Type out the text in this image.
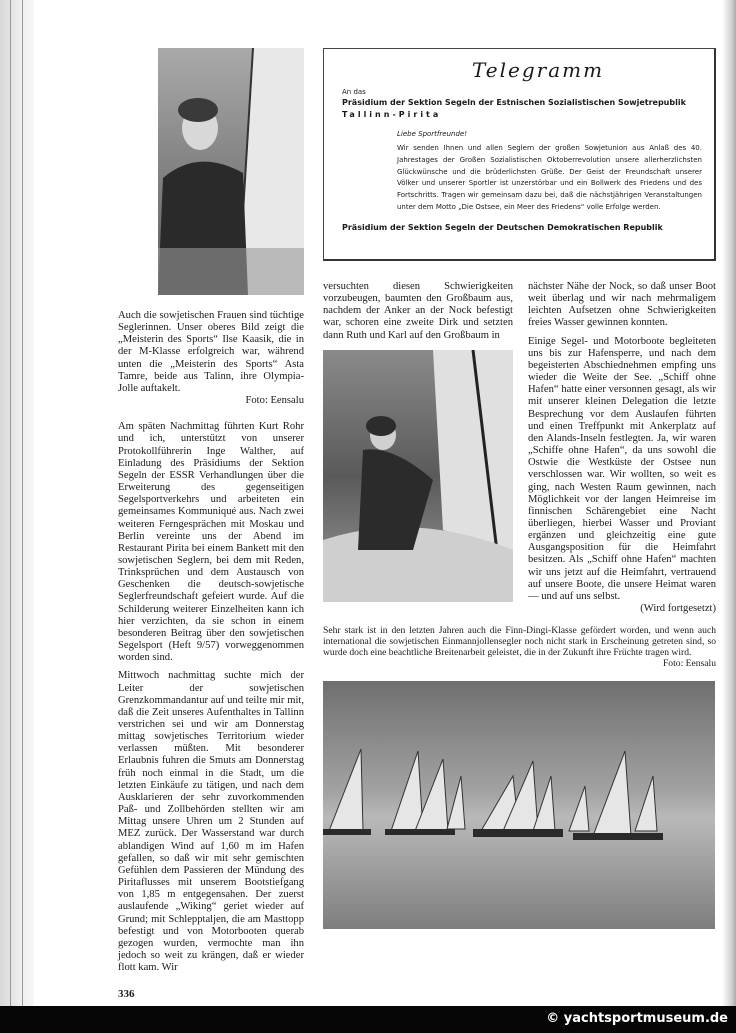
Auch die sowjetischen Frauen sind tüchtige Seglerinnen. Unser oberes Bild zeigt die „Meisterin des Sports“ Ilse Kaasik, die in der M-Klasse erfolgreich war, während unten die „Meisterin des Sports“ Asta Tamre, beide aus Talinn, ihre Olympia-Jolle auftakelt.
Foto: Eensalu

Am späten Nachmittag führten Kurt Rohr und ich, unterstützt von unserer Protokollführerin Inge Walther, auf Einladung des Präsidiums der Sektion Segeln der ESSR Verhandlungen über die Erweiterung des gegenseitigen Segelsportverkehrs und arbeiteten ein gemeinsames Kommuniqué aus. Nach zwei weiteren Ferngesprächen mit Moskau und Berlin vereinte uns der Abend im Restaurant Pirita bei einem Bankett mit den sowjetischen Seglern, bei dem mit Reden, Trinksprüchen und dem Austausch von Geschenken die deutsch-sowjetische Seglerfreundschaft gefeiert wurde. Auf die Schilderung weiterer Einzelheiten kann ich hier verzichten, da sie schon in einem besonderen Beitrag über den sowjetischen Segelsport (Heft 9/57) vorweggenommen worden sind.

Mittwoch nachmittag suchte mich der Leiter der sowjetischen Grenzkommandantur auf und teilte mir mit, daß die Zeit unseres Aufenthaltes in Tallinn verstrichen sei und wir am Donnerstag mittag sowjetisches Territorium wieder verlassen müßten. Mit besonderer Erlaubnis fuhren die Smuts am Donnerstag früh noch einmal in die Stadt, um die letzten Einkäufe zu tätigen, und nach dem Ausklarieren der sehr zuvorkommenden Paß- und Zollbehörden stellten wir am Mittag unsere Uhren um 2 Stunden auf MEZ zurück. Der Wasserstand war durch ablandigen Wind auf 1,60 m im Hafen gefallen, so daß wir mit sehr gemischten Gefühlen dem Passieren der Mündung des Piritaflusses mit unserem Bootstiefgang von 1,85 m entgegensahen. Der zuerst auslaufende „Wiking“ geriet wieder auf Grund; mit Schlepptaljen, die am Masttopp befestigt und von Motorbooten querab gezogen wurden, vermochte man ihn jedoch so weit zu krängen, daß er wieder flott kam. Wir

336
Telegramm
An das
Präsidium der Sektion Segeln der Estnischen Sozialistischen Sowjetrepublik
Tallinn-Pirita
Liebe Sportfreunde!
Wir senden Ihnen und allen Seglern der großen Sowjetunion aus Anlaß des 40. Jahrestages der Großen Sozialistischen Oktoberrevolution unsere allerherzlichsten Glückwünsche und die brüderlichsten Grüße. Der Geist der Freundschaft unserer Völker und unserer Sportler ist unzerstörbar und ein Bollwerk des Friedens und des Fortschritts. Tragen wir gemeinsam dazu bei, daß die nächstjährigen Veranstaltungen unter dem Motto „Die Ostsee, ein Meer des Friedens“ volle Erfolge werden.
Präsidium der Sektion Segeln der Deutschen Demokratischen Republik

versuchten diesen Schwierigkeiten vorzubeugen, baumten den Großbaum aus, nachdem der Anker an der Nock befestigt war, schoren eine zweite Dirk und setzten dann Ruth und Karl auf den Großbaum in

nächster Nähe der Nock, so daß unser Boot weit überlag und wir nach mehrmaligem leichten Aufsetzen ohne Schwierigkeiten freies Wasser gewinnen konnten.

Einige Segel- und Motorboote begleiteten uns bis zur Hafensperre, und nach dem begeisterten Abschiednehmen empfing uns wieder die Weite der See. „Schiff ohne Hafen“ hatte einer versonnen gesagt, als wir mit unserer kleinen Delegation die letzte Besprechung vor dem Auslaufen führten und einen Treffpunkt mit Ankerplatz auf den Alands-Inseln festlegten. Ja, wir waren „Schiffe ohne Hafen“, da uns sowohl die Ostwie die Westküste der Ostsee nun verschlossen war. Wir wollten, so weit es ging, nach Westen Raum gewinnen, nach Möglichkeit vor der langen Heimreise im finnischen Schärengebiet eine Nacht überliegen, hierbei Wasser und Proviant ergänzen und gleichzeitig eine gute Ausgangsposition für die Heimfahrt besitzen. Als „Schiff ohne Hafen“ machten wir uns jetzt auf die Heimfahrt, vertrauend auf unsere Boote, die unsere Heimat waren — und auf uns selbst.

(Wird fortgesetzt)
Sehr stark ist in den letzten Jahren auch die Finn-Dingi-Klasse gefördert worden, und wenn auch international die sowjetischen Einmannjollensegler noch nicht stark in Erscheinung getreten sind, so wurde doch eine beachtliche Breitenarbeit geleistet, die in der Zukunft ihre Früchte tragen wird.
Foto: Eensalu
© yachtsportmuseum.de
